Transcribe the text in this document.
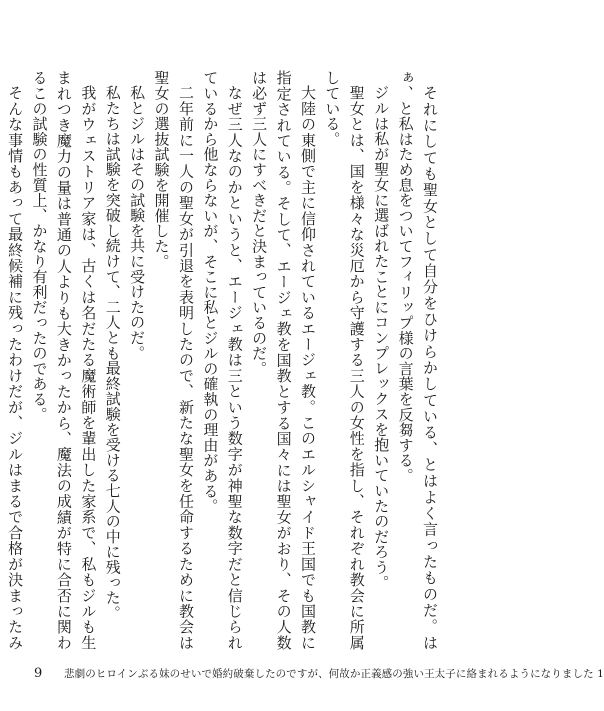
それにしても聖女として自分をひけらかしている、とはよく言ったものだ。はぁ、と私はため息をついてフィリップ様の言葉を反芻する。

ジルは私が聖女に選ばれたことにコンプレックスを抱いていたのだろう。

聖女とは、国を様々な災厄から守護する三人の女性を指し、それぞれ教会に所属している。

大陸の東側で主に信仰されているエージェ教。このエルシャイド王国でも国教に指定されている。そして、エージェ教を国教とする国々には聖女がおり、その人数は必ず三人にすべきだと決まっているのだ。

なぜ三人なのかというと、エージェ教は三という数字が神聖な数字だと信じられているから他ならないが、そこに私とジルの確執の理由がある。

二年前に一人の聖女が引退を表明したので、新たな聖女を任命するために教会は聖女の選抜試験を開催した。

私とジルはその試験を共に受けたのだ。

私たちは試験を突破し続けて、二人とも最終試験を受ける七人の中に残った。

我がウェストリア家は、古くは名だたる魔術師を輩出した家系で、私もジルも生まれつき魔力の量は普通の人よりも大きかったから、魔法の成績が特に合否に関わるこの試験の性質上、かなり有利だったのである。

そんな事情もあって最終候補に残ったわけだが、ジルはまるで合格が決まったみ

9 悲劇のヒロインぶる妹のせいで婚約破棄したのですが、何故か正義感の強い王太子に絡まれるようになりました 1
